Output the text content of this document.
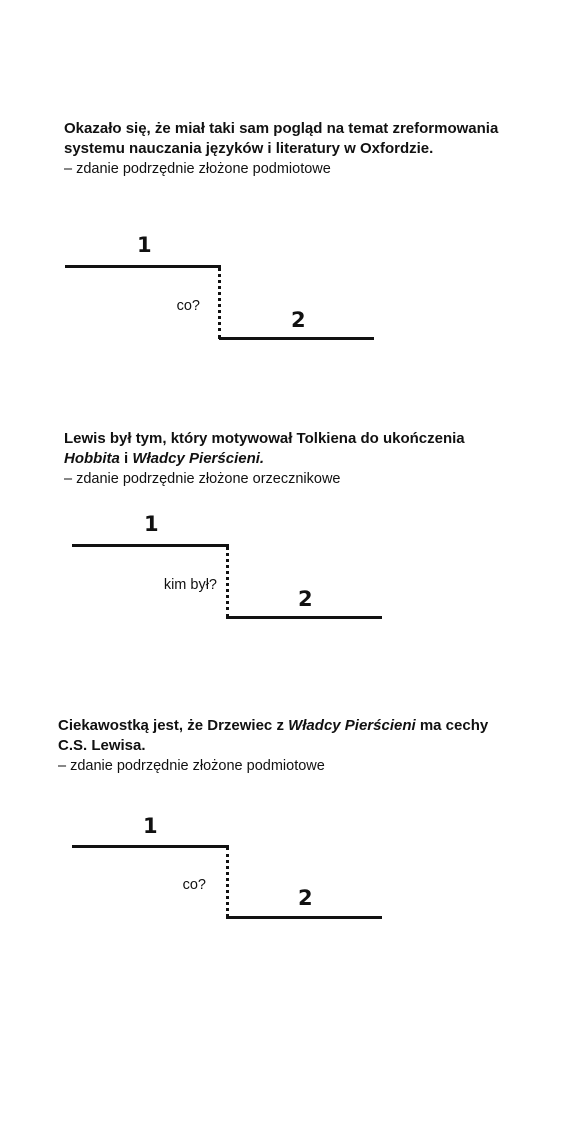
Okazało się, że miał taki sam pogląd na temat zreformowania
systemu nauczania języków i literatury w Oxfordzie.

– zdanie podrzędnie złożone podmiotowe

1
co?
2

Lewis był tym, który motywował Tolkiena do ukończenia
Hobbita i Władcy Pierścieni.

– zdanie podrzędnie złożone orzecznikowe

1
kim był?
2

Ciekawostką jest, że Drzewiec z Władcy Pierścieni ma cechy
C.S. Lewisa.

– zdanie podrzędnie złożone podmiotowe

1
co?
2
